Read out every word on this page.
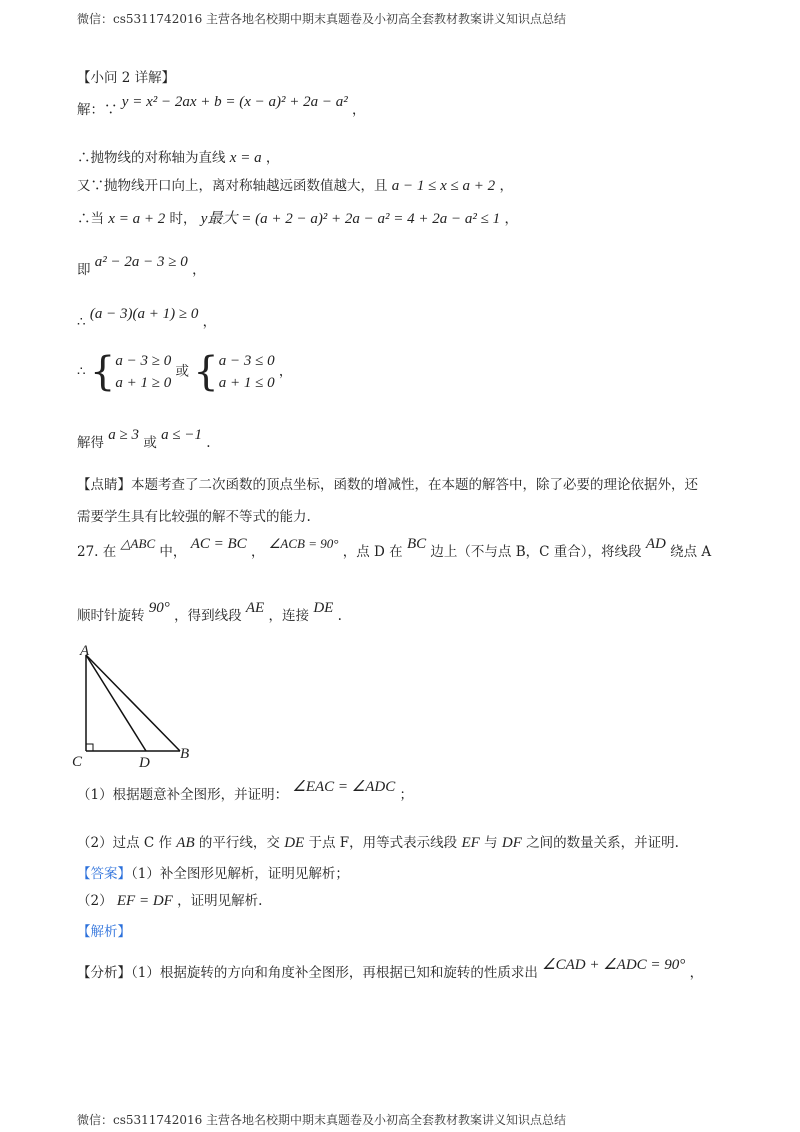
微信：cs5311742016 主营各地名校期中期末真题卷及小初高全套教材教案讲义知识点总结
【小问 2 详解】
解：∵ y = x² − 2ax + b = (x − a)² + 2a − a² ，
∴抛物线的对称轴为直线 x = a ，
又∵抛物线开口向上，离对称轴越远函数值越大，且 a − 1 ≤ x ≤ a + 2 ，
∴当 x = a + 2 时， y最大 = (a + 2 − a)² + 2a − a² = 4 + 2a − a² ≤ 1 ，
即 a² − 2a − 3 ≥ 0 ，
∴ (a − 3)(a + 1) ≥ 0 ，
∴ { a − 3 ≥ 0
a + 1 ≥ 0
或 { a − 3 ≤ 0
a + 1 ≤ 0
，
解得 a ≥ 3 或 a ≤ −1 .
【点睛】本题考查了二次函数的顶点坐标，函数的增减性，在本题的解答中，除了必要的理论依据外，还
需要学生具有比较强的解不等式的能力.
27. 在 △ABC 中， AC = BC ， ∠ACB = 90° ，点 D 在 BC 边上（不与点 B，C 重合），将线段 AD 绕点 A
顺时针旋转 90° ，得到线段 AE ，连接 DE .
A
C	D
B
（1）根据题意补全图形，并证明： ∠EAC = ∠ADC ；
（2）过点 C 作 AB 的平行线，交 DE 于点 F，用等式表示线段 EF 与 DF 之间的数量关系，并证明.
【答案】（1）补全图形见解析，证明见解析；
（2） EF = DF ，证明见解析.
【解析】
【分析】（1）根据旋转的方向和角度补全图形，再根据已知和旋转的性质求出 ∠CAD + ∠ADC = 90° ，
微信：cs5311742016 主营各地名校期中期末真题卷及小初高全套教材教案讲义知识点总结
